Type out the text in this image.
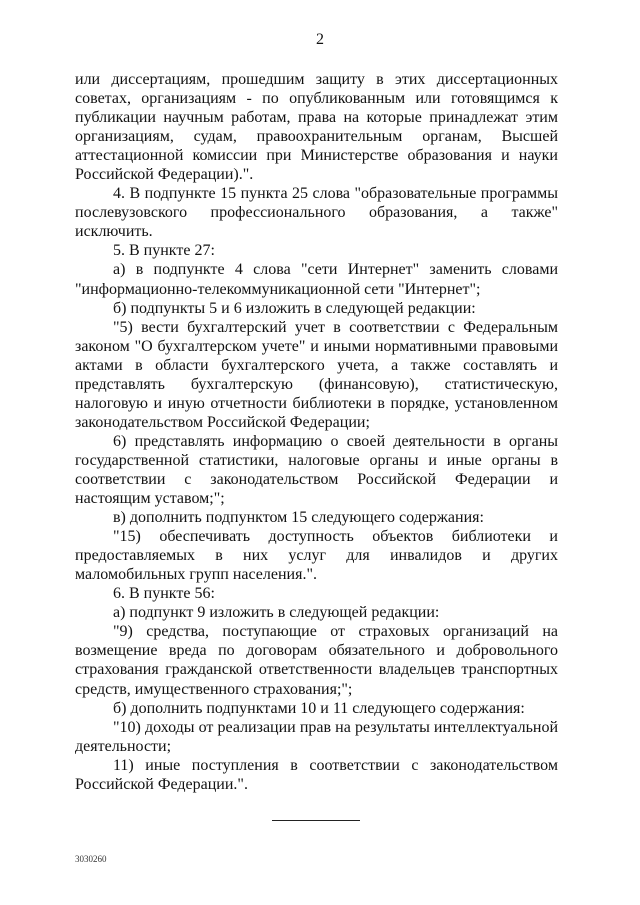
2

или диссертациям, прошедшим защиту в этих диссертационных советах, организациям - по опубликованным или готовящимся к публикации научным работам, права на которые принадлежат этим организациям, судам, правоохранительным органам, Высшей аттестационной комиссии при Министерстве образования и науки Российской Федерации).".

4. В подпункте 15 пункта 25 слова "образовательные программы послевузовского профессионального образования, а также" исключить.

5. В пункте 27:

а) в подпункте 4 слова "сети Интернет" заменить словами "информационно-телекоммуникационной сети "Интернет";

б) подпункты 5 и 6 изложить в следующей редакции:

"5) вести бухгалтерский учет в соответствии с Федеральным законом "О бухгалтерском учете" и иными нормативными правовыми актами в области бухгалтерского учета, а также составлять и представлять бухгалтерскую (финансовую), статистическую, налоговую и иную отчетности библиотеки в порядке, установленном законодательством Российской Федерации;

6) представлять информацию о своей деятельности в органы государственной статистики, налоговые органы и иные органы в соответствии с законодательством Российской Федерации и настоящим уставом;";

в) дополнить подпунктом 15 следующего содержания:

"15) обеспечивать доступность объектов библиотеки и предоставляемых в них услуг для инвалидов и других маломобильных групп населения.".

6. В пункте 56:

а) подпункт 9 изложить в следующей редакции:

"9) средства, поступающие от страховых организаций на возмещение вреда по договорам обязательного и добровольного страхования гражданской ответственности владельцев транспортных средств, имущественного страхования;";

б) дополнить подпунктами 10 и 11 следующего содержания:

"10) доходы от реализации прав на результаты интеллектуальной деятельности;

11) иные поступления в соответствии с законодательством Российской Федерации.".

3030260
